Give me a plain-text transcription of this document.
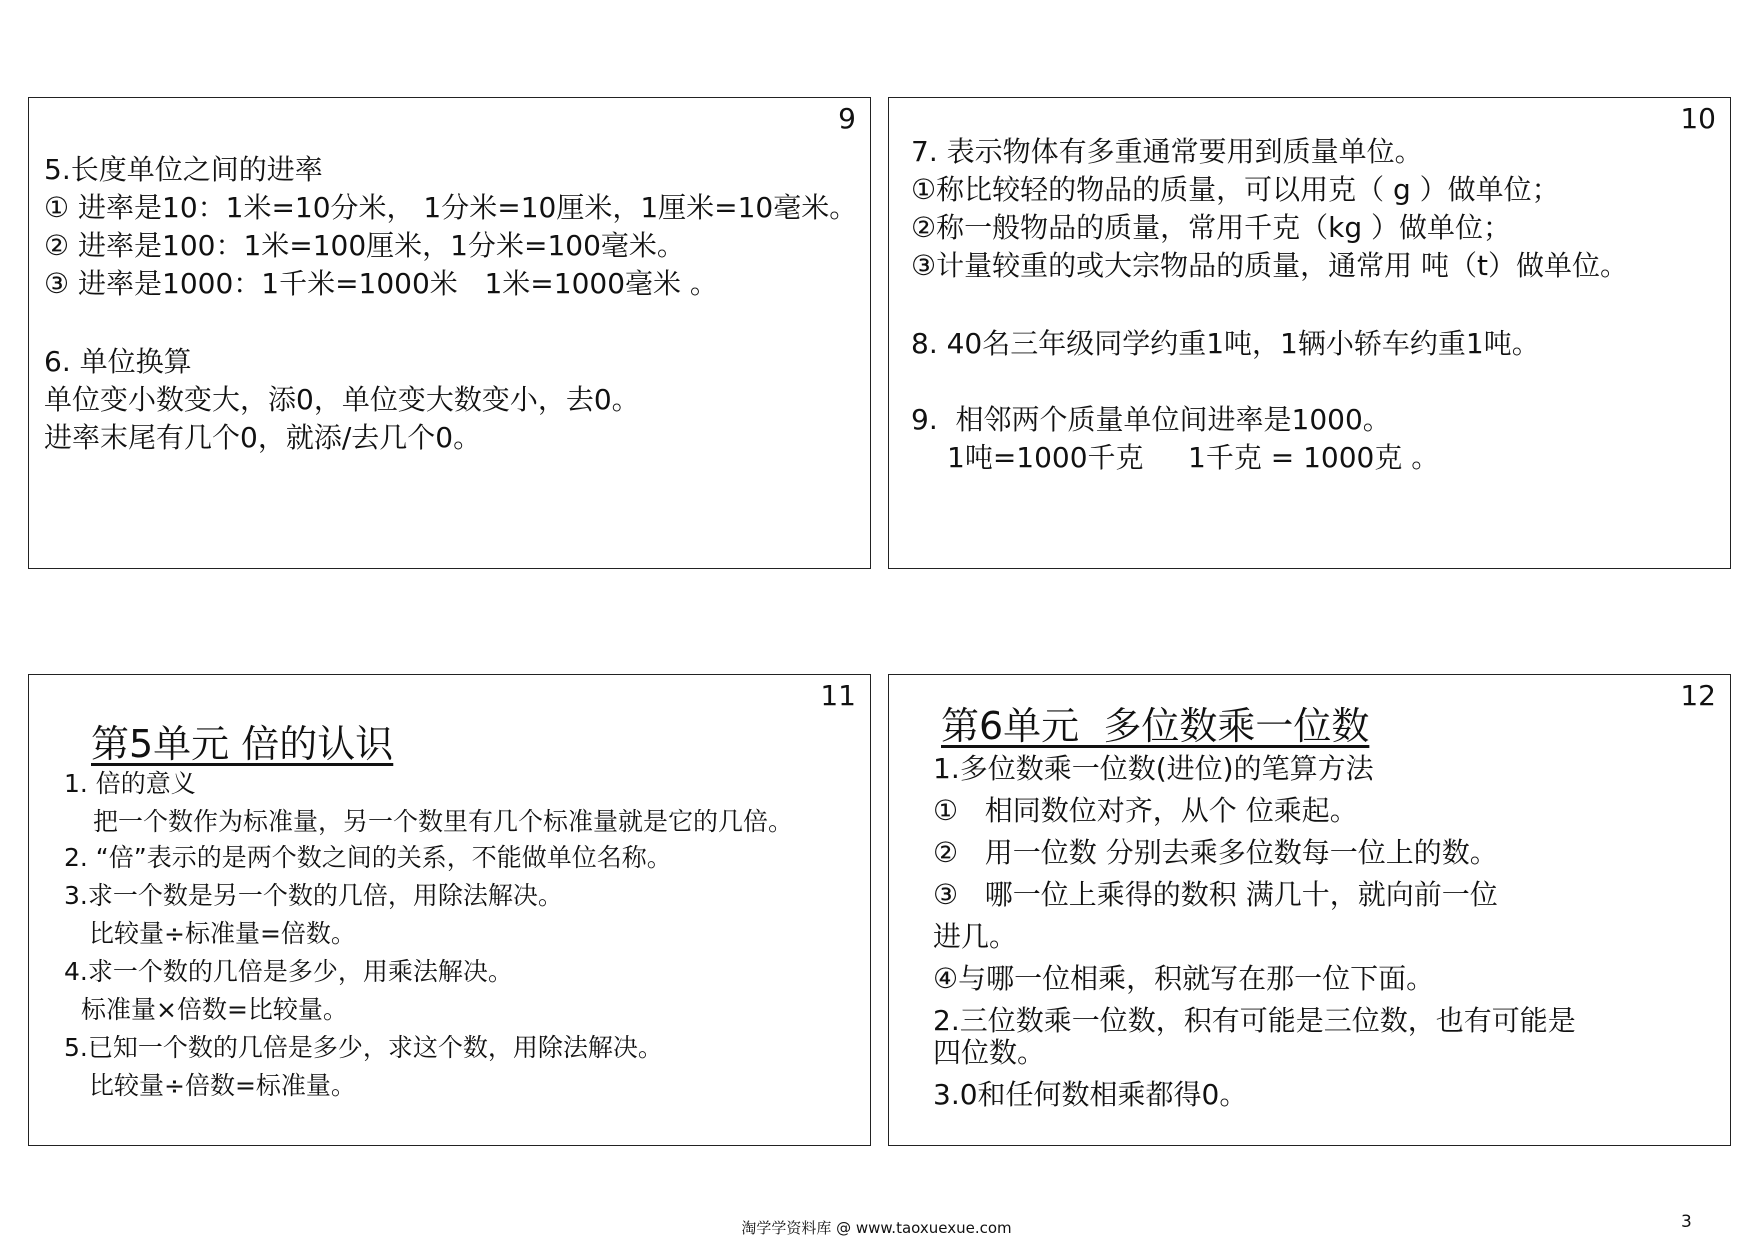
9
5.长度单位之间的进率
① 进率是10：1米=10分米， 1分米=10厘米，1厘米=10毫米。
② 进率是100：1米=100厘米，1分米=100毫米。
③ 进率是1000：1千米=1000米   1米=1000毫米 。
6. 单位换算
单位变小数变大，添0，单位变大数变小，去0。
进率末尾有几个0，就添/去几个0。
10
7. 表示物体有多重通常要用到质量单位。
①称比较轻的物品的质量，可以用克（ g ）做单位；
②称一般物品的质量，常用千克（kg ）做单位；
③计量较重的或大宗物品的质量，通常用 吨（t）做单位。
8. 40名三年级同学约重1吨，1辆小轿车约重1吨。
9.  相邻两个质量单位间进率是1000。
1吨=1000千克     1千克 = 1000克 。
11
第5单元 倍的认识
1. 倍的意义
把一个数作为标准量，另一个数里有几个标准量就是它的几倍。
2. “倍”表示的是两个数之间的关系，不能做单位名称。
3.求一个数是另一个数的几倍，用除法解决。
比较量÷标准量=倍数。
4.求一个数的几倍是多少，用乘法解决。
标准量×倍数=比较量。
5.已知一个数的几倍是多少，求这个数，用除法解决。
比较量÷倍数=标准量。
12
第6单元  多位数乘一位数
1.多位数乘一位数(进位)的笔算方法
①   相同数位对齐，从个 位乘起。
②   用一位数 分别去乘多位数每一位上的数。
③   哪一位上乘得的数积 满几十，就向前一位
进几。
④与哪一位相乘，积就写在那一位下面。
2.三位数乘一位数，积有可能是三位数，也有可能是
四位数。
3.0和任何数相乘都得0。
淘学学资料库 @ www.taoxuexue.com	3
